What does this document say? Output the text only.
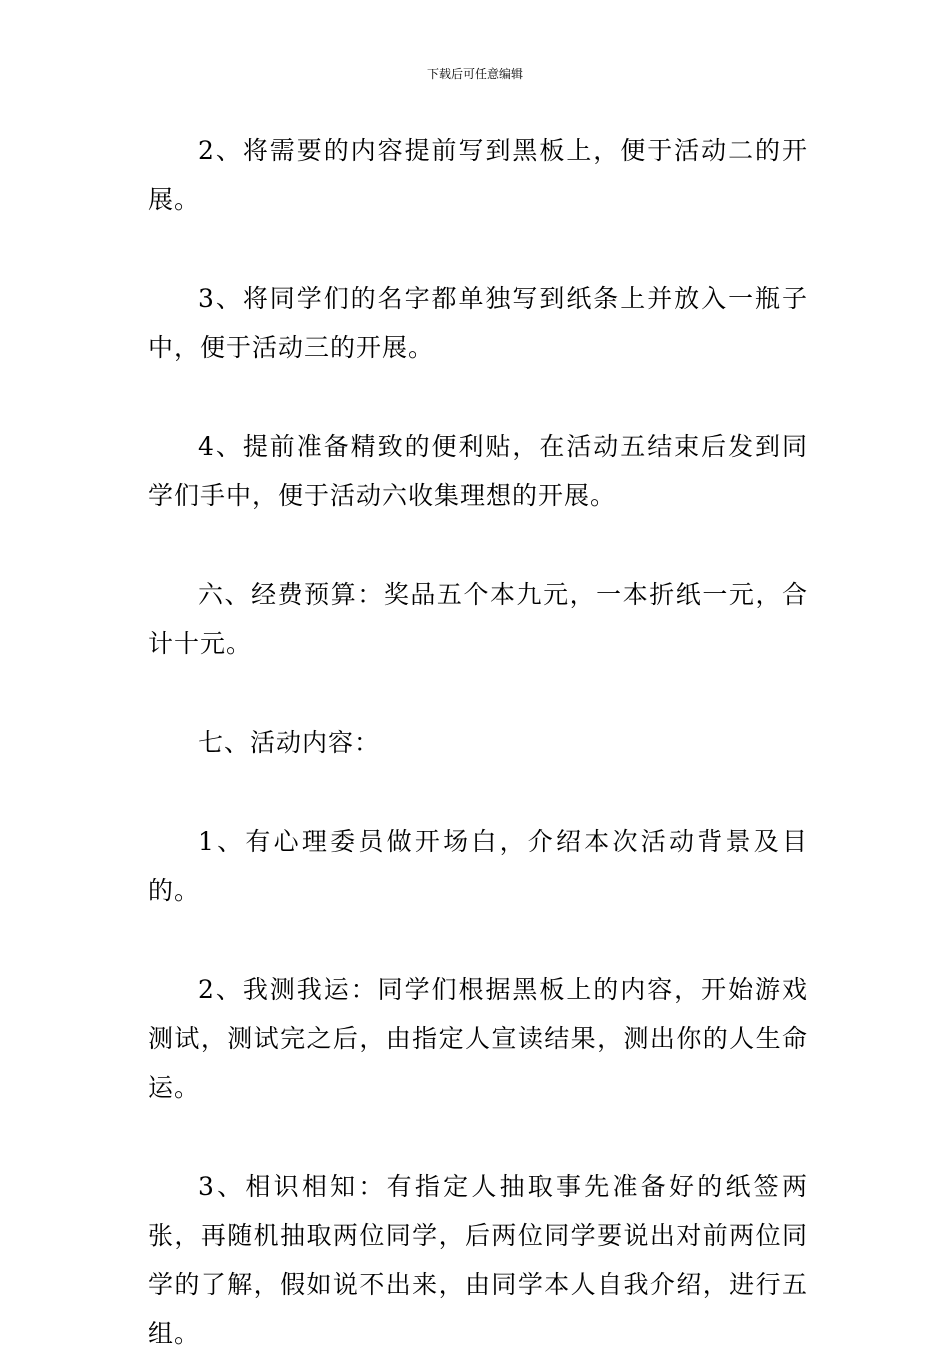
下载后可任意编辑

2、将需要的内容提前写到黑板上，便于活动二的开展。

3、将同学们的名字都单独写到纸条上并放入一瓶子中，便于活动三的开展。

4、提前准备精致的便利贴，在活动五结束后发到同学们手中，便于活动六收集理想的开展。

六、经费预算：奖品五个本九元，一本折纸一元，合计十元。

七、活动内容：

1、有心理委员做开场白，介绍本次活动背景及目的。

2、我测我运：同学们根据黑板上的内容，开始游戏测试，测试完之后，由指定人宣读结果，测出你的人生命运。

3、相识相知：有指定人抽取事先准备好的纸签两张，再随机抽取两位同学，后两位同学要说出对前两位同学的了解，假如说不出来，由同学本人自我介绍，进行五组。
